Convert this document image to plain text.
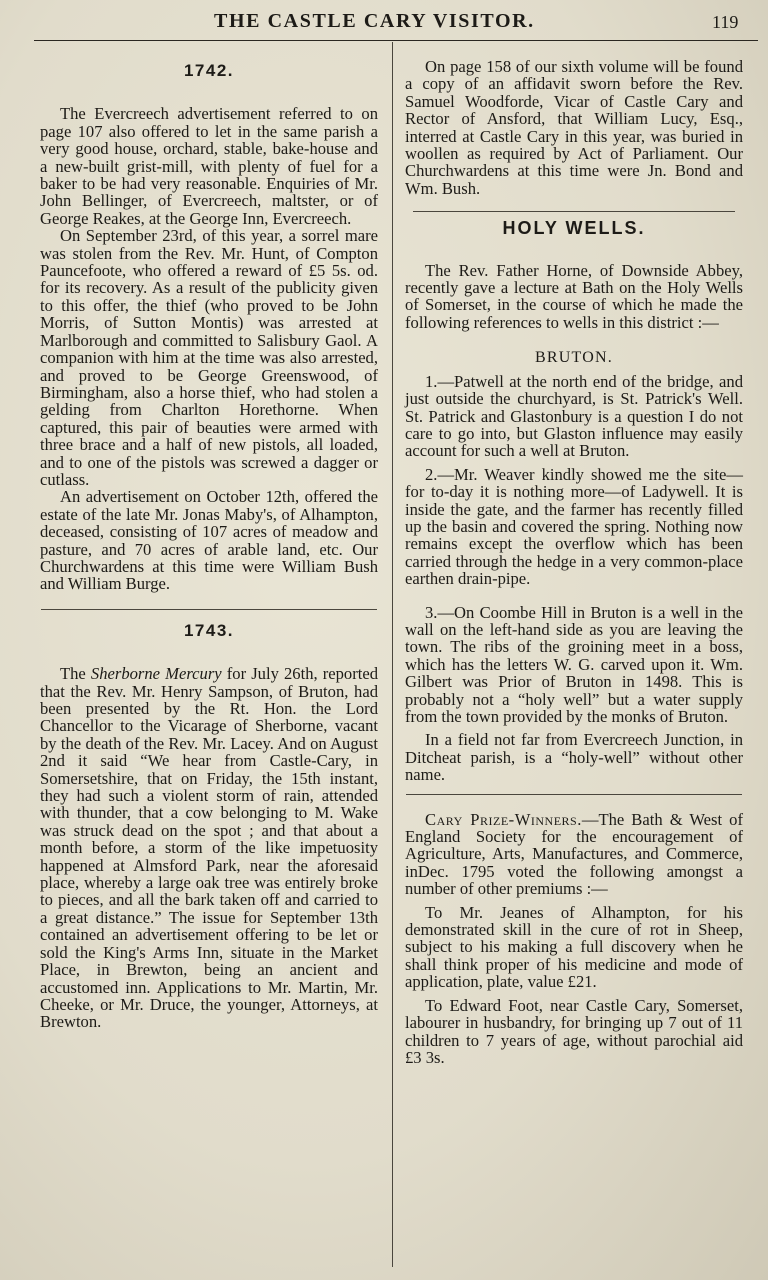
THE CASTLE CARY VISITOR.	119
1742.

The Evercreech advertisement referred to on page 107 also offered to let in the same parish a very good house, orchard, stable, bake-house and a new-built grist-mill, with plenty of fuel for a baker to be had very reasonable. Enquiries of Mr. John Bellinger, of Evercreech, maltster, or of George Reakes, at the George Inn, Evercreech.

On September 23rd, of this year, a sorrel mare was stolen from the Rev. Mr. Hunt, of Compton Pauncefoote, who offered a reward of £5 5s. od. for its recovery. As a result of the publicity given to this offer, the thief (who proved to be John Morris, of Sutton Montis) was arrested at Marlborough and committed to Salisbury Gaol. A companion with him at the time was also arrested, and proved to be George Greenswood, of Birmingham, also a horse thief, who had stolen a gelding from Charlton Horethorne. When captured, this pair of beauties were armed with three brace and a half of new pistols, all loaded, and to one of the pistols was screwed a dagger or cutlass.

An advertisement on October 12th, offered the estate of the late Mr. Jonas Maby's, of Alhampton, deceased, consisting of 107 acres of meadow and pasture, and 70 acres of arable land, etc. Our Churchwardens at this time were William Bush and William Burge.

1743.

The Sherborne Mercury for July 26th, reported that the Rev. Mr. Henry Sampson, of Bruton, had been presented by the Rt. Hon. the Lord Chancellor to the Vicarage of Sherborne, vacant by the death of the Rev. Mr. Lacey. And on August 2nd it said “We hear from Castle-Cary, in Somersetshire, that on Friday, the 15th instant, they had such a violent storm of rain, attended with thunder, that a cow belonging to M. Wake was struck dead on the spot ; and that about a month before, a storm of the like impetuosity happened at Almsford Park, near the aforesaid place, whereby a large oak tree was entirely broke to pieces, and all the bark taken off and carried to a great distance.” The issue for September 13th contained an advertisement offering to be let or sold the King's Arms Inn, situate in the Market Place, in Brewton, being an ancient and accustomed inn. Applications to Mr. Martin, Mr. Cheeke, or Mr. Druce, the younger, Attorneys, at Brewton.

On page 158 of our sixth volume will be found a copy of an affidavit sworn before the Rev. Samuel Woodforde, Vicar of Castle Cary and Rector of Ansford, that William Lucy, Esq., interred at Castle Cary in this year, was buried in woollen as required by Act of Parliament. Our Churchwardens at this time were Jn. Bond and Wm. Bush.

HOLY WELLS.

The Rev. Father Horne, of Downside Abbey, recently gave a lecture at Bath on the Holy Wells of Somerset, in the course of which he made the following references to wells in this district :—

BRUTON.

1.—Patwell at the north end of the bridge, and just outside the churchyard, is St. Patrick's Well. St. Patrick and Glastonbury is a question I do not care to go into, but Glaston influence may easily account for such a well at Bruton.

2.—Mr. Weaver kindly showed me the site—for to-day it is nothing more—of Ladywell. It is inside the gate, and the farmer has recently filled up the basin and covered the spring. Nothing now remains except the overflow which has been carried through the hedge in a very common-place earthen drain-pipe.

3.—On Coombe Hill in Bruton is a well in the wall on the left-hand side as you are leaving the town. The ribs of the groining meet in a boss, which has the letters W. G. carved upon it. Wm. Gilbert was Prior of Bruton in 1498. This is probably not a “holy well” but a water supply from the town provided by the monks of Bruton.

In a field not far from Evercreech Junction, in Ditcheat parish, is a “holy-well” without other name.

Cary Prize-Winners.—The Bath & West of England Society for the encouragement of Agriculture, Arts, Manufactures, and Commerce, inDec. 1795 voted the following amongst a number of other premiums :—

To Mr. Jeanes of Alhampton, for his demonstrated skill in the cure of rot in Sheep, subject to his making a full discovery when he shall think proper of his medicine and mode of application, plate, value £21.

To Edward Foot, near Castle Cary, Somerset, labourer in husbandry, for bringing up 7 out of 11 children to 7 years of age, without parochial aid £3 3s.
